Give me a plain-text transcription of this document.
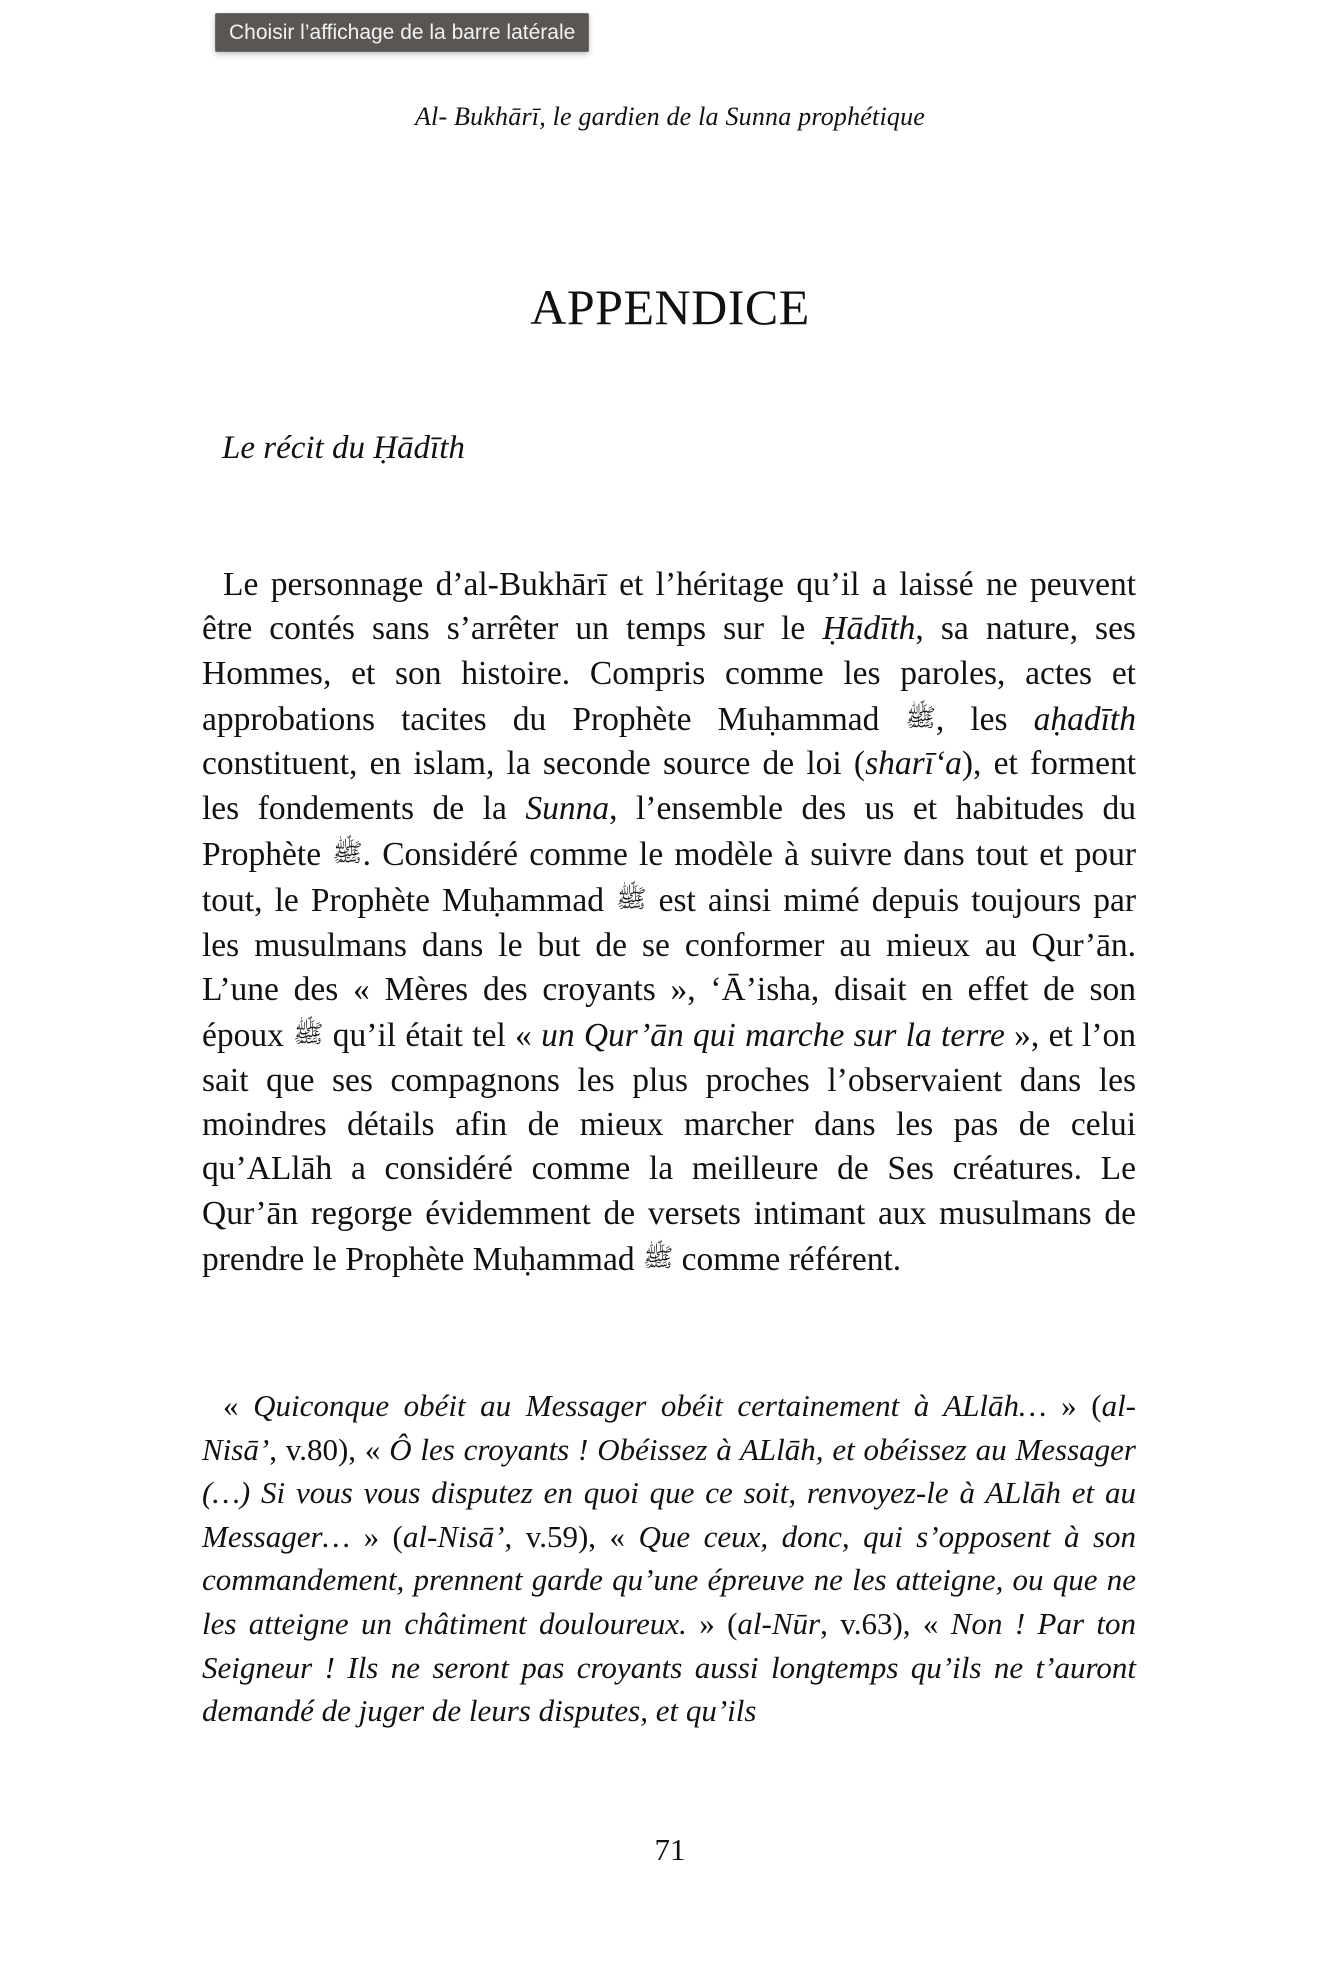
Choisir l’affichage de la barre latérale
Al- Bukhārī, le gardien de la Sunna prophétique
APPENDICE
Le récit du Ḥādīth

Le personnage d’al-Bukhārī et l’héritage qu’il a laissé ne peuvent être contés sans s’arrêter un temps sur le Ḥādīth, sa nature, ses Hommes, et son histoire. Compris comme les paroles, actes et approbations tacites du Prophète Muḥammad ﷺ, les aḥadīth constituent, en islam, la seconde source de loi (sharī‘a), et forment les fondements de la Sunna, l’ensemble des us et habitudes du Prophète ﷺ. Considéré comme le modèle à suivre dans tout et pour tout, le Prophète Muḥammad ﷺ est ainsi mimé depuis toujours par les musulmans dans le but de se conformer au mieux au Qur’ān. L’une des « Mères des croyants », ‘Ā’isha, disait en effet de son époux ﷺ qu’il était tel « un Qur’ān qui marche sur la terre », et l’on sait que ses compagnons les plus proches l’observaient dans les moindres détails afin de mieux marcher dans les pas de celui qu’ALlāh a considéré comme la meilleure de Ses créatures. Le Qur’ān regorge évidemment de versets intimant aux musulmans de prendre le Prophète Muḥammad ﷺ comme référent.

« Quiconque obéit au Messager obéit certainement à ALlāh… » (al-Nisā’, v.80), « Ô les croyants ! Obéissez à ALlāh, et obéissez au Messager (…) Si vous vous disputez en quoi que ce soit, renvoyez-le à ALlāh et au Messager… » (al-Nisā’, v.59), « Que ceux, donc, qui s’opposent à son commandement, prennent garde qu’une épreuve ne les atteigne, ou que ne les atteigne un châtiment douloureux. » (al-Nūr, v.63), « Non ! Par ton Seigneur ! Ils ne seront pas croyants aussi longtemps qu’ils ne t’auront demandé de juger de leurs disputes, et qu’ils

71
